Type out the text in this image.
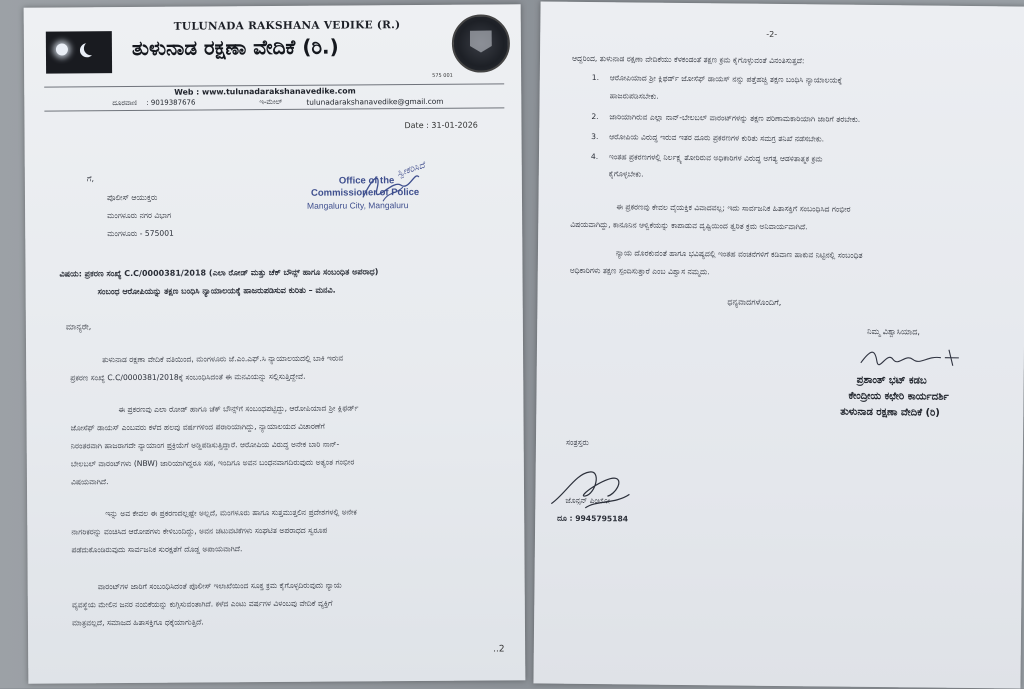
TULUNADA RAKSHANA VEDIKE (R.)
ತುಳುನಾಡ ರಕ್ಷಣಾ ವೇದಿಕೆ (ರಿ.)
575 001
Web : www.tulunadarakshanavedike.com
ದೂರವಾಣಿ : 9019387676	ಇ-ಮೇಲ್	tulunadarakshanavedike@gmail.com
Date : 31-01-2026
ಗೆ,
ಪೊಲೀಸ್ ಆಯುಕ್ತರು
ಮಂಗಳೂರು ನಗರ ವಿಭಾಗ
ಮಂಗಳೂರು - 575001
Office of the
Commissioner of Police
Mangaluru City, Mangaluru
ಸ್ವೀಕರಿಸಿದೆ
ವಿಷಯ: ಪ್ರಕರಣ ಸಂಖ್ಯೆ C.C/0000381/2018 (ಎಲಾ ರೋಡ್ ಮತ್ತು ಚೆಕ್ ಬೌನ್ಸ್ ಹಾಗೂ ಸಂಬಂಧಿತ ಅಪರಾಧ)
ಸಂಬಂಧ ಆರೋಪಿಯನ್ನು ತಕ್ಷಣ ಬಂಧಿಸಿ ನ್ಯಾಯಾಲಯಕ್ಕೆ ಹಾಜರುಪಡಿಸುವ ಕುರಿತು – ಮನವಿ.
ಮಾನ್ಯರೇ,
ತುಳುನಾಡ ರಕ್ಷಣಾ ವೇದಿಕೆ ವತಿಯಿಂದ, ಮಂಗಳೂರು ಜೆ.ಎಂ.ಎಫ್.ಸಿ ನ್ಯಾಯಾಲಯದಲ್ಲಿ ಬಾಕಿ ಇರುವ
ಪ್ರಕರಣ ಸಂಖ್ಯೆ C.C/0000381/2018ಕ್ಕೆ ಸಂಬಂಧಿಸಿದಂತೆ ಈ ಮನವಿಯನ್ನು ಸಲ್ಲಿಸುತ್ತಿದ್ದೇವೆ.
ಈ ಪ್ರಕರಣವು ಎಲಾ ರೋಡ್ ಹಾಗೂ ಚೆಕ್ ಬೌನ್ಸ್‌ಗೆ ಸಂಬಂಧಪಟ್ಟಿದ್ದು, ಆರೋಪಿಯಾದ ಶ್ರೀ ಕ್ಲಿಫರ್ಡ್
ಜೋಸೆಫ್ ಡಾಯಸ್ ಎಂಬವರು ಕಳೆದ ಹಲವು ವರ್ಷಗಳಿಂದ ಪರಾರಿಯಾಗಿದ್ದು, ನ್ಯಾಯಾಲಯದ ವಿಚಾರಣೆಗೆ
ನಿರಂತರವಾಗಿ ಹಾಜರಾಗದೇ ನ್ಯಾಯಾಂಗ ಪ್ರಕ್ರಿಯೆಗೆ ಅಡ್ಡಿಪಡಿಸುತ್ತಿದ್ದಾರೆ. ಆರೋಪಿಯ ವಿರುದ್ಧ ಅನೇಕ ಬಾರಿ ನಾನ್-
ಬೇಲಬಲ್ ವಾರಂಟ್‌ಗಳು (NBW) ಜಾರಿಯಾಗಿದ್ದರೂ ಸಹ, ಇಂದಿಗೂ ಅವನ ಬಂಧನವಾಗದಿರುವುದು ಅತ್ಯಂತ ಗಂಭೀರ
ವಿಷಯವಾಗಿದೆ.
ಇನ್ನು ಅವ ಕೇವಲ ಈ ಪ್ರಕರಣದಲ್ಲಷ್ಟೇ ಅಲ್ಲದೆ, ಮಂಗಳೂರು ಹಾಗೂ ಸುತ್ತಮುತ್ತಲಿನ ಪ್ರದೇಶಗಳಲ್ಲಿ ಅನೇಕ
ನಾಗರಿಕರನ್ನು ವಂಚಿಸಿದ ಆರೋಪಗಳು ಕೇಳಿಬಂದಿದ್ದು, ಅವನ ಚಟುವಟಿಕೆಗಳು ಸಂಘಟಿತ ಅಪರಾಧದ ಸ್ವರೂಪ
ಪಡೆದುಕೊಂಡಿರುವುದು ಸಾರ್ವಜನಿಕ ಸುರಕ್ಷತೆಗೆ ದೊಡ್ಡ ಅಪಾಯವಾಗಿದೆ.
ವಾರಂಟ್‌ಗಳ ಜಾರಿಗೆ ಸಂಬಂಧಿಸಿದಂತೆ ಪೊಲೀಸ್ ಇಲಾಖೆಯಿಂದ ಸೂಕ್ತ ಕ್ರಮ ಕೈಗೊಳ್ಳದಿರುವುದು ನ್ಯಾಯ
ವ್ಯವಸ್ಥೆಯ ಮೇಲಿನ ಜನರ ನಂಬಿಕೆಯನ್ನು ಕುಗ್ಗಿಸುವಂತಾಗಿದೆ. ಕಳೆದ ಎಂಟು ವರ್ಷಗಳ ವಿಳಂಬವು ವೇದಿಕೆ ವ್ಯಕ್ತಿಗೆ
ಮಾತ್ರವಲ್ಲದೆ, ಸಮಾಜದ ಹಿತಾಸಕ್ತಿಗೂ ಧಕ್ಕೆಯಾಗುತ್ತಿದೆ.
..2
-2-
ಆದ್ದರಿಂದ, ತುಳುನಾಡ ರಕ್ಷಣಾ ವೇದಿಕೆಯು ಕೆಳಕಂಡಂತೆ ತಕ್ಷಣ ಕ್ರಮ ಕೈಗೊಳ್ಳುವಂತೆ ವಿನಂತಿಸುತ್ತದೆ:
1. ಆರೋಪಿಯಾದ ಶ್ರೀ ಕ್ಲಿಫರ್ಡ್ ಜೋಸೆಫ್ ಡಾಯಸ್ ನನ್ನು ಪತ್ತೆಹಚ್ಚಿ ತಕ್ಷಣ ಬಂಧಿಸಿ ನ್ಯಾಯಾಲಯಕ್ಕೆ
ಹಾಜರುಪಡಿಸಬೇಕು.
2. ಜಾರಿಯಾಗಿರುವ ಎಲ್ಲಾ ನಾನ್-ಬೇಲಬಲ್ ವಾರಂಟ್‌ಗಳನ್ನು ತಕ್ಷಣ ಪರಿಣಾಮಕಾರಿಯಾಗಿ ಜಾರಿಗೆ ತರಬೇಕು.
3. ಆರೋಪಿಯ ವಿರುದ್ಧ ಇರುವ ಇತರ ದೂರು ಪ್ರಕರಣಗಳ ಕುರಿತು ಸಮಗ್ರ ತನಿಖೆ ನಡೆಸಬೇಕು.
4. ಇಂತಹ ಪ್ರಕರಣಗಳಲ್ಲಿ ನಿರ್ಲಕ್ಷ್ಯ ತೋರಿರುವ ಅಧಿಕಾರಿಗಳ ವಿರುದ್ಧ ಅಗತ್ಯ ಆಡಳಿತಾತ್ಮಕ ಕ್ರಮ
ಕೈಗೊಳ್ಳಬೇಕು.
ಈ ಪ್ರಕರಣವು ಕೇವಲ ವೈಯಕ್ತಿಕ ವಿವಾದವಲ್ಲ; ಇದು ಸಾರ್ವಜನಿಕ ಹಿತಾಸಕ್ತಿಗೆ ಸಂಬಂಧಿಸಿದ ಗಂಭೀರ
ವಿಷಯವಾಗಿದ್ದು, ಕಾನೂನಿನ ಆಳ್ವಿಕೆಯನ್ನು ಕಾಪಾಡುವ ದೃಷ್ಟಿಯಿಂದ ತ್ವರಿತ ಕ್ರಮ ಅನಿವಾರ್ಯವಾಗಿದೆ.
ನ್ಯಾಯ ದೊರಕುವಂತೆ ಹಾಗೂ ಭವಿಷ್ಯದಲ್ಲಿ ಇಂತಹ ವಂಚನೆಗಳಿಗೆ ಕಡಿವಾಣ ಹಾಕುವ ನಿಟ್ಟಿನಲ್ಲಿ ಸಂಬಂಧಿತ
ಅಧಿಕಾರಿಗಳು ತಕ್ಷಣ ಸ್ಪಂದಿಸುತ್ತಾರೆ ಎಂಬ ವಿಶ್ವಾಸ ನಮ್ಮದು.
ಧನ್ಯವಾದಗಳೊಂದಿಗೆ,
ನಿಮ್ಮ ವಿಶ್ವಾಸಿಯಾದ,
ಪ್ರಶಾಂತ್ ಭಟ್ ಕಡಬ
ಕೇಂದ್ರೀಯ ಕಛೇರಿ ಕಾರ್ಯದರ್ಶಿ
ತುಳುನಾಡ ರಕ್ಷಣಾ ವೇದಿಕೆ (ರಿ)
ಸಂತ್ರಸ್ತರು
ಜೊನ್ಸನ್ ಪಿಂಟೋ
ದೂ : 9945795184
